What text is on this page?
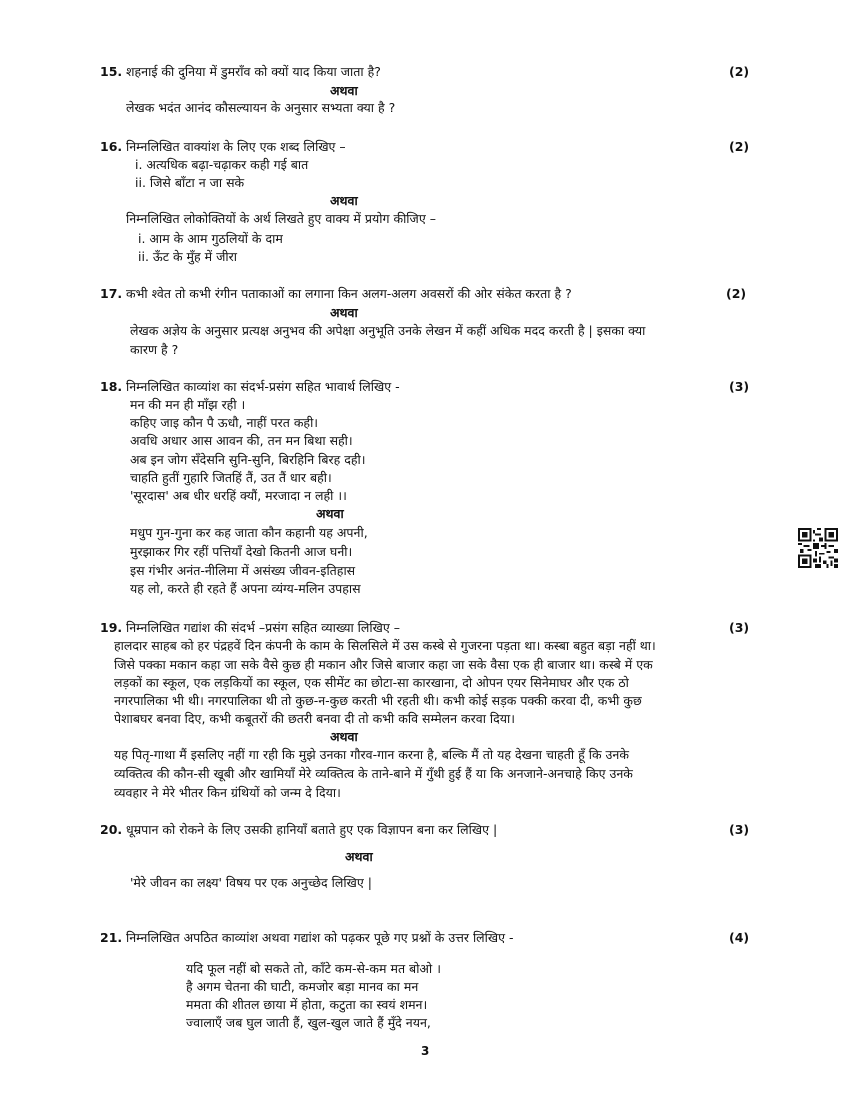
15. शहनाई की दुनिया में डुमराँव को क्यों याद किया जाता है?	(2)
अथवा
लेखक भदंत आनंद कौसल्यायन के अनुसार सभ्यता क्या है ?
16. निम्नलिखित वाक्यांश के लिए एक शब्द लिखिए –	(2)
i. अत्यधिक बढ़ा-चढ़ाकर कही गई बात
ii. जिसे बाँटा न जा सके
अथवा
निम्नलिखित लोकोक्तियों के अर्थ लिखते हुए वाक्य में प्रयोग कीजिए –
i. आम के आम गुठलियों के दाम
ii. ऊँट के मुँह में जीरा
17. कभी श्वेत तो कभी रंगीन पताकाओं का लगाना किन अलग-अलग अवसरों की ओर संकेत करता है ?	(2)
अथवा
लेखक अज्ञेय के अनुसार प्रत्यक्ष अनुभव की अपेक्षा अनुभूति उनके लेखन में कहीं अधिक मदद करती है | इसका क्या
कारण है ?
18. निम्नलिखित काव्यांश का संदर्भ-प्रसंग सहित भावार्थ लिखिए -	(3)
मन की मन ही माँझ रही ।
कहिए जाइ कौन पै ऊधौ, नाहीं परत कही।
अवधि अधार आस आवन की, तन मन बिथा सही।
अब इन जोग सँदेसनि सुनि-सुनि, बिरहिनि बिरह दही।
चाहति हुतीं गुहारि जितहिं तैं, उत तैं धार बही।
'सूरदास' अब धीर धरहिं क्यौं, मरजादा न लही ।।
अथवा
मधुप गुन-गुना कर कह जाता कौन कहानी यह अपनी,
मुरझाकर गिर रहीं पत्तियाँ देखो कितनी आज घनी।
इस गंभीर अनंत-नीलिमा में असंख्य जीवन-इतिहास
यह लो, करते ही रहते हैं अपना व्यंग्य-मलिन उपहास
19. निम्नलिखित गद्यांश की संदर्भ –प्रसंग सहित व्याख्या लिखिए –	(3)
हालदार साहब को हर पंद्रहवें दिन कंपनी के काम के सिलसिले में उस कस्बे से गुजरना पड़ता था। कस्बा बहुत बड़ा नहीं था।
जिसे पक्का मकान कहा जा सके वैसे कुछ ही मकान और जिसे बाजार कहा जा सके वैसा एक ही बाजार था। कस्बे में एक
लड़कों का स्कूल, एक लड़कियों का स्कूल, एक सीमेंट का छोटा-सा कारखाना, दो ओपन एयर सिनेमाघर और एक ठो
नगरपालिका भी थी। नगरपालिका थी तो कुछ-न-कुछ करती भी रहती थी। कभी कोई सड़क पक्की करवा दी, कभी कुछ
पेशाबघर बनवा दिए, कभी कबूतरों की छतरी बनवा दी तो कभी कवि सम्मेलन करवा दिया।
अथवा
यह पितृ-गाथा मैं इसलिए नहीं गा रही कि मुझे उनका गौरव-गान करना है, बल्कि मैं तो यह देखना चाहती हूँ कि उनके
व्यक्तित्व की कौन-सी खूबी और खामियाँ मेरे व्यक्तित्व के ताने-बाने में गुँथी हुई हैं या कि अनजाने-अनचाहे किए उनके
व्यवहार ने मेरे भीतर किन ग्रंथियों को जन्म दे दिया।
20. धूम्रपान को रोकने के लिए उसकी हानियाँ बताते हुए एक विज्ञापन बना कर लिखिए |	(3)
अथवा
'मेरे जीवन का लक्ष्य' विषय पर एक अनुच्छेद लिखिए |
21. निम्नलिखित अपठित काव्यांश अथवा गद्यांश को पढ़कर पूछे गए प्रश्नों के उत्तर लिखिए -	(4)
यदि फूल नहीं बो सकते तो, काँटे कम-से-कम मत बोओ ।
है अगम चेतना की घाटी, कमजोर बड़ा मानव का मन
ममता की शीतल छाया में होता, कटुता का स्वयं शमन।
ज्वालाएँ जब घुल जाती हैं, खुल-खुल जाते हैं मुँदे नयन,
3
